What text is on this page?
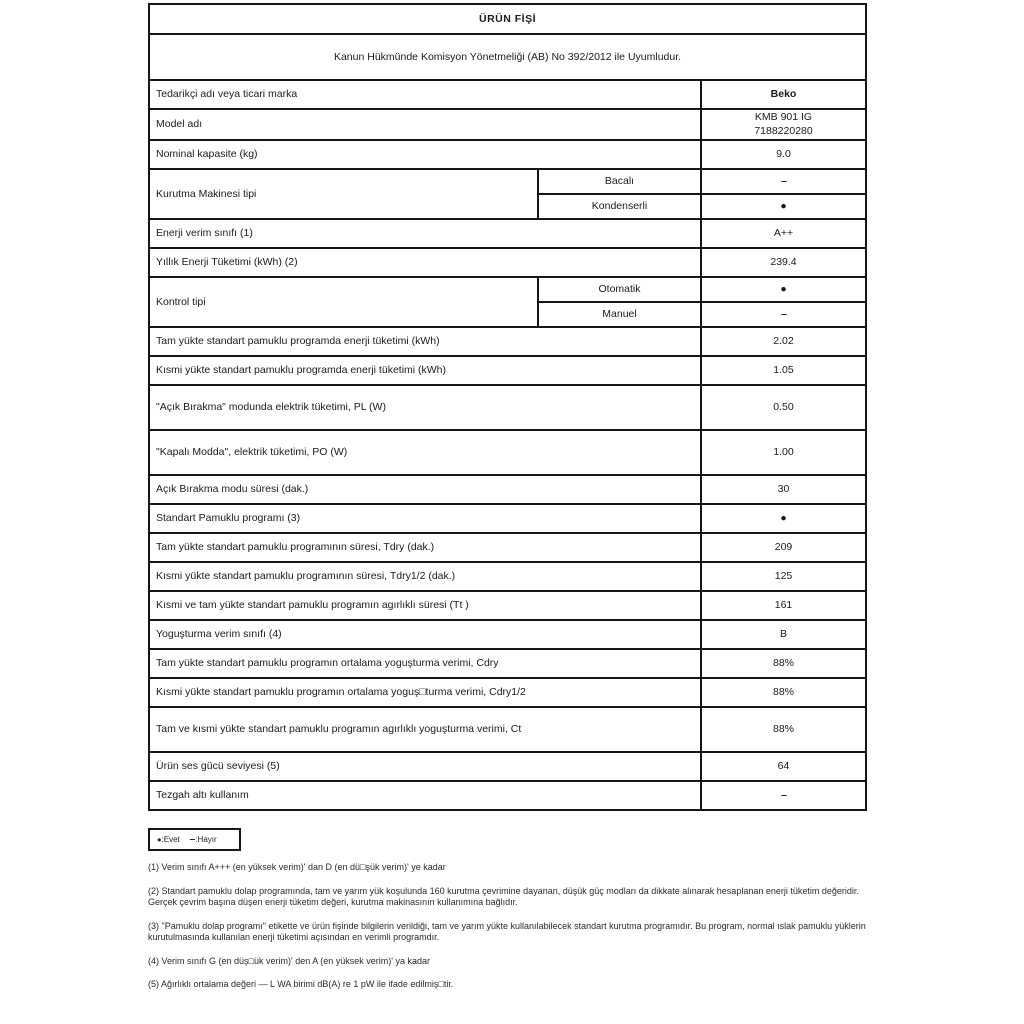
ÜRÜN FİŞİ		
Kanun Hükmünde Komisyon Yönetmeliği (AB) No 392/2012 ile Uyumludur.		
Tedarikçi adı veya ticari marka		Beko
Model adı		KMB 901 IG
7188220280

Nominal kapasite (kg)		9.0
Kurutma Makinesi tipi	Bacalı	–
	Kondenserli	●
Enerji verim sınıfı (1)		A++
Yıllık Enerji Tüketimi (kWh) (2)		239.4
Kontrol tipi	Otomatik	●
	Manuel	–
Tam yükte standart pamuklu programda enerji tüketimi (kWh)		2.02
Kısmi yükte standart pamuklu programda enerji tüketimi (kWh)		1.05
"Açık Bırakma" modunda elektrik tüketimi, PL (W)		0.50
"Kapalı Modda", elektrik tüketimi, PO (W)		1.00
Açık Bırakma modu süresi (dak.)		30
Standart Pamuklu programı (3)		●
Tam yükte standart pamuklu programının süresi, Tdry (dak.)		209
Kısmi yükte standart pamuklu programının süresi, Tdry1/2 (dak.)		125
Kısmi ve tam yükte standart pamuklu programın agırlıklı süresi (Tt )		161
Yoguşturma verim sınıfı (4)		B
Tam yükte standart pamuklu programın ortalama yoguşturma verimi, Cdry		88%
Kısmi yükte standart pamuklu programın ortalama yoguş□turma verimi, Cdry1/2		88%
Tam ve kısmi yükte standart pamuklu programın agırlıklı yoguşturma verimi, Ct		88%
Ürün ses gücü seviyesi (5)		64
Tezgah altı kullanım		–
●:Evet –:Hayır

(1) Verim sınıfı A+++ (en yüksek verim)' dan D (en dü□şük verim)' ye kadar

(2) Standart pamuklu dolap programında, tam ve yarım yük koşulunda 160 kurutma çevrimine dayanan, düşük güç modları da dikkate alınarak hesaplanan enerji tüketim değeridir. Gerçek çevrim başına düşen enerji tüketim değeri, kurutma makinasının kullanımına bağlıdır.

(3) "Pamuklu dolap programı" etikette ve ürün fişinde bilgilerin verildiği, tam ve yarım yükte kullanılabilecek standart kurutma programıdır. Bu program, normal ıslak pamuklu yüklerin kurutulmasında kullanılan enerji tüketimi açısından en verimli programdır.

(4) Verim sınıfı G (en düş□ük verim)' den A (en yüksek verim)' ya kadar

(5) Ağırlıklı ortalama değeri — L WA birimi dB(A) re 1 pW ile ifade edilmiş□tir.
